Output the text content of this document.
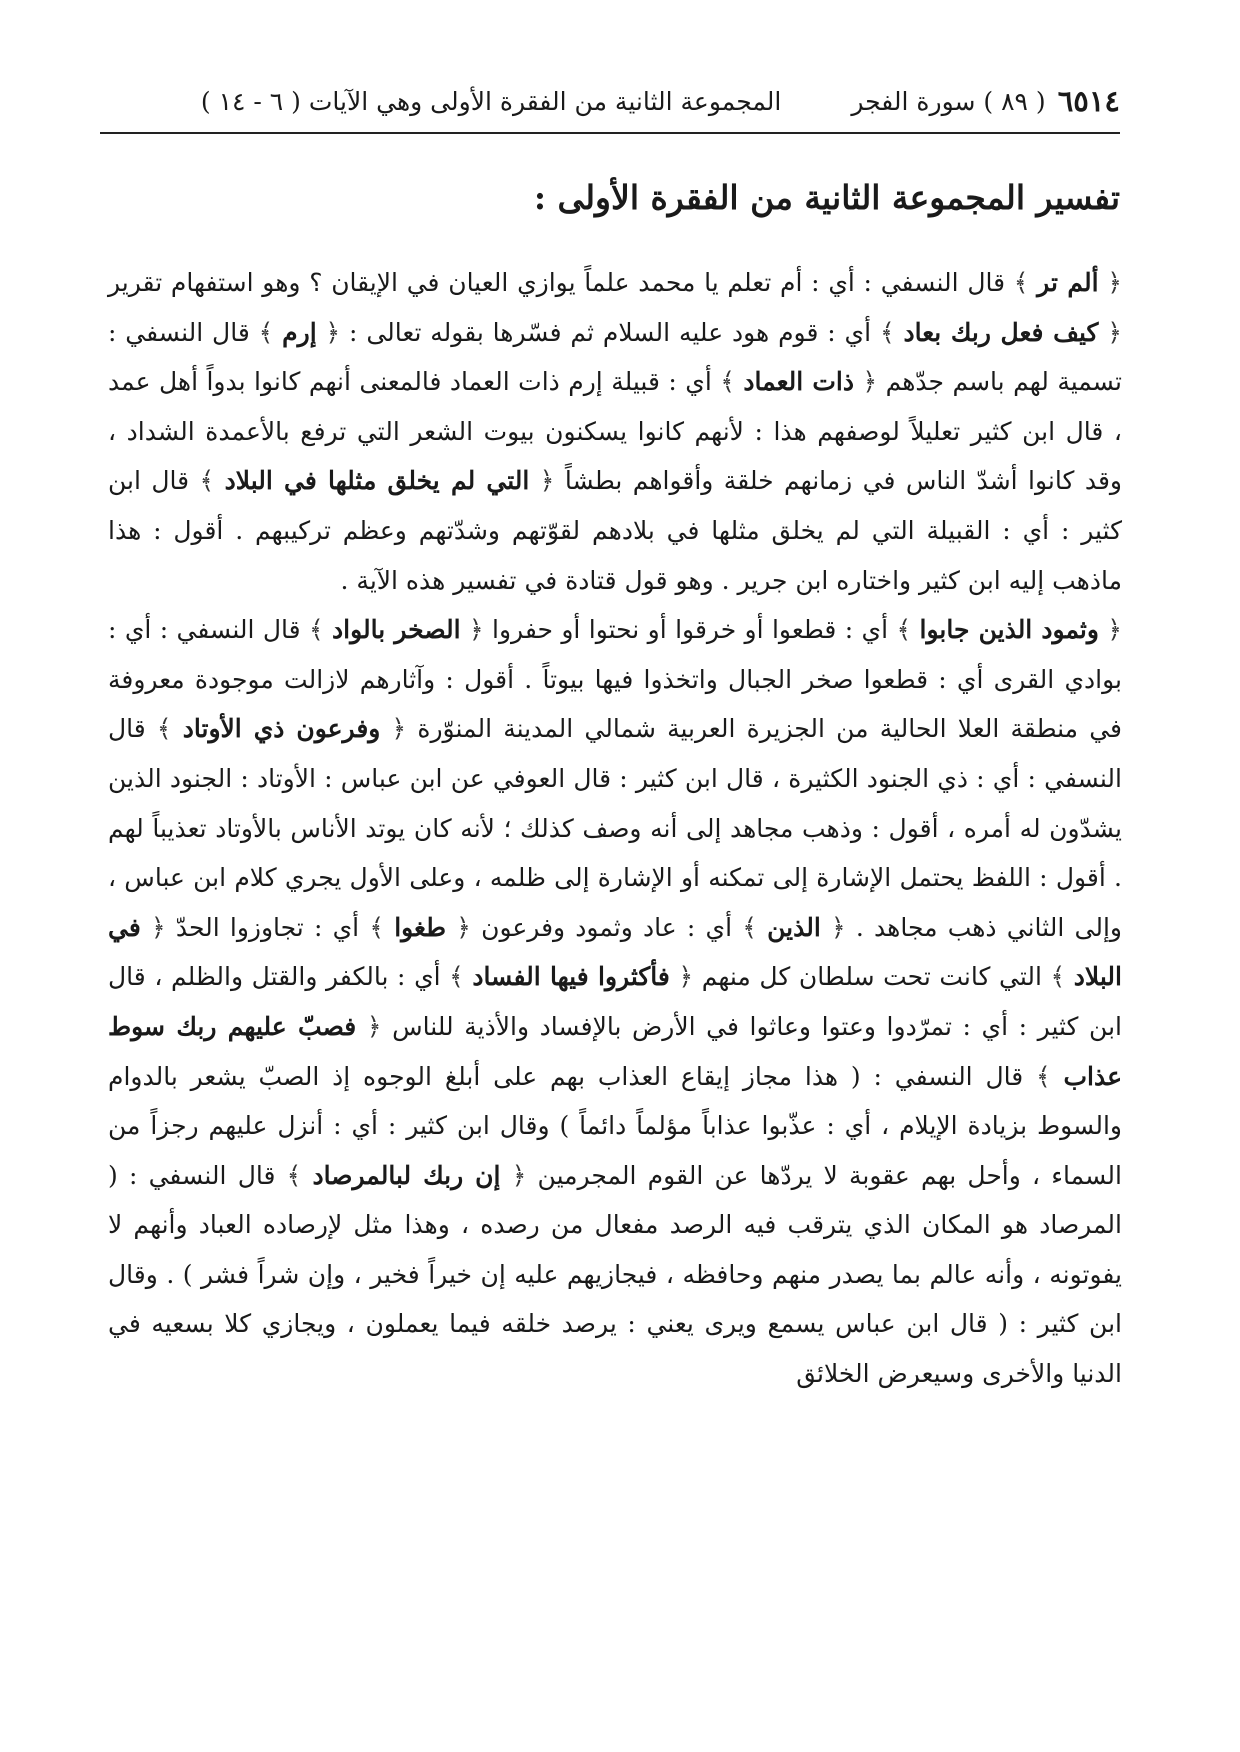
٦٥١٤
( ٨٩ ) سورة الفجر
المجموعة الثانية من الفقرة الأولى وهي الآيات ( ٦ - ١٤ )
تفسير المجموعة الثانية من الفقرة الأولى :

﴿ ألم تر ﴾ قال النسفي : أي : أم تعلم يا محمد علماً يوازي العيان في الإيقان ؟ وهو استفهام تقرير ﴿ كيف فعل ربك بعاد ﴾ أي : قوم هود عليه السلام ثم فسّرها بقوله تعالى : ﴿ إرم ﴾ قال النسفي : تسمية لهم باسم جدّهم ﴿ ذات العماد ﴾ أي : قبيلة إرم ذات العماد فالمعنى أنهم كانوا بدواً أهل عمد ، قال ابن كثير تعليلاً لوصفهم هذا : لأنهم كانوا يسكنون بيوت الشعر التي ترفع بالأعمدة الشداد ، وقد كانوا أشدّ الناس في زمانهم خلقة وأقواهم بطشاً ﴿ التي لم يخلق مثلها في البلاد ﴾ قال ابن كثير : أي : القبيلة التي لم يخلق مثلها في بلادهم لقوّتهم وشدّتهم وعظم تركيبهم . أقول : هذا ماذهب إليه ابن كثير واختاره ابن جرير . وهو قول قتادة في تفسير هذه الآية .

﴿ وثمود الذين جابوا ﴾ أي : قطعوا أو خرقوا أو نحتوا أو حفروا ﴿ الصخر بالواد ﴾ قال النسفي : أي : بوادي القرى أي : قطعوا صخر الجبال واتخذوا فيها بيوتاً . أقول : وآثارهم لازالت موجودة معروفة في منطقة العلا الحالية من الجزيرة العربية شمالي المدينة المنوّرة ﴿ وفرعون ذي الأوتاد ﴾ قال النسفي : أي : ذي الجنود الكثيرة ، قال ابن كثير : قال العوفي عن ابن عباس : الأوتاد : الجنود الذين يشدّون له أمره ، أقول : وذهب مجاهد إلى أنه وصف كذلك ؛ لأنه كان يوتد الأناس بالأوتاد تعذيباً لهم . أقول : اللفظ يحتمل الإشارة إلى تمكنه أو الإشارة إلى ظلمه ، وعلى الأول يجري كلام ابن عباس ، وإلى الثاني ذهب مجاهد . ﴿ الذين ﴾ أي : عاد وثمود وفرعون ﴿ طغوا ﴾ أي : تجاوزوا الحدّ ﴿ في البلاد ﴾ التي كانت تحت سلطان كل منهم ﴿ فأكثروا فيها الفساد ﴾ أي : بالكفر والقتل والظلم ، قال ابن كثير : أي : تمرّدوا وعتوا وعاثوا في الأرض بالإفساد والأذية للناس ﴿ فصبّ عليهم ربك سوط عذاب ﴾ قال النسفي : ( هذا مجاز إيقاع العذاب بهم على أبلغ الوجوه إذ الصبّ يشعر بالدوام والسوط بزيادة الإيلام ، أي : عذّبوا عذاباً مؤلماً دائماً ) وقال ابن كثير : أي : أنزل عليهم رجزاً من السماء ، وأحل بهم عقوبة لا يردّها عن القوم المجرمين ﴿ إن ربك لبالمرصاد ﴾ قال النسفي : ( المرصاد هو المكان الذي يترقب فيه الرصد مفعال من رصده ، وهذا مثل لإرصاده العباد وأنهم لا يفوتونه ، وأنه عالم بما يصدر منهم وحافظه ، فيجازيهم عليه إن خيراً فخير ، وإن شراً فشر ) . وقال ابن كثير : ( قال ابن عباس يسمع ويرى يعني : يرصد خلقه فيما يعملون ، ويجازي كلا بسعيه في الدنيا والأخرى وسيعرض الخلائق
